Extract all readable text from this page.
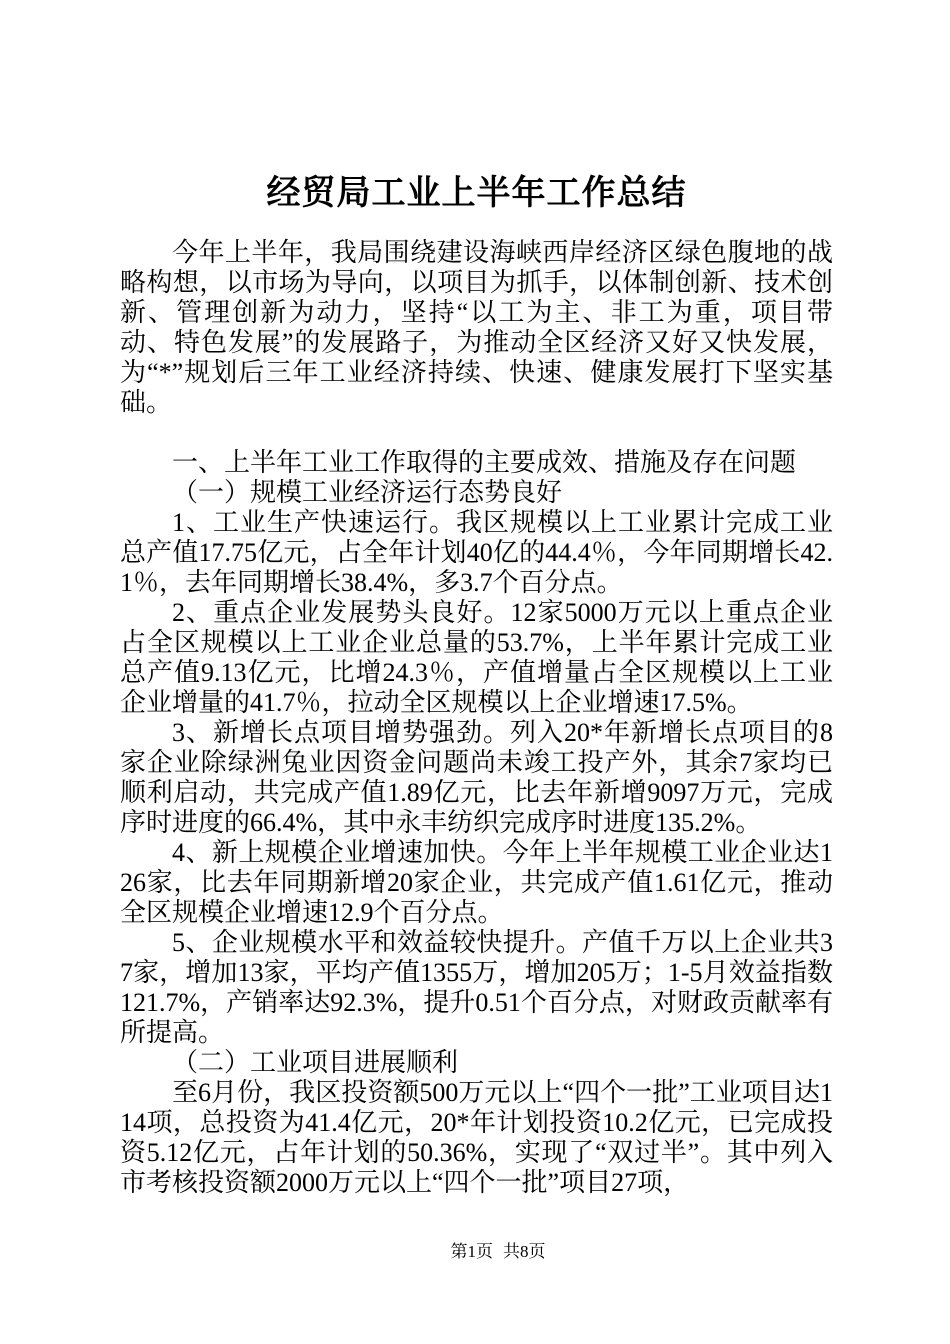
经贸局工业上半年工作总结

今年上半年，我局围绕建设海峡西岸经济区绿色腹地的战略构想，以市场为导向，以项目为抓手，以体制创新、技术创新、管理创新为动力，坚持“以工为主、非工为重，项目带动、特色发展”的发展路子，为推动全区经济又好又快发展，为“*”规划后三年工业经济持续、快速、健康发展打下坚实基础。

一、上半年工业工作取得的主要成效、措施及存在问题

（一）规模工业经济运行态势良好

1、工业生产快速运行。我区规模以上工业累计完成工业总产值17.75亿元，占全年计划40亿的44.4％，今年同期增长42.1％，去年同期增长38.4%，多3.7个百分点。

2、重点企业发展势头良好。12家5000万元以上重点企业占全区规模以上工业企业总量的53.7%，上半年累计完成工业总产值9.13亿元，比增24.3％，产值增量占全区规模以上工业企业增量的41.7％，拉动全区规模以上企业增速17.5%。

3、新增长点项目增势强劲。列入20*年新增长点项目的8家企业除绿洲兔业因资金问题尚未竣工投产外，其余7家均已顺利启动，共完成产值1.89亿元，比去年新增9097万元，完成序时进度的66.4%，其中永丰纺织完成序时进度135.2%。

4、新上规模企业增速加快。今年上半年规模工业企业达126家，比去年同期新增20家企业，共完成产值1.61亿元，推动全区规模企业增速12.9个百分点。

5、企业规模水平和效益较快提升。产值千万以上企业共37家，增加13家，平均产值1355万，增加205万；1-5月效益指数121.7%，产销率达92.3%，提升0.51个百分点，对财政贡献率有所提高。

（二）工业项目进展顺利

至6月份，我区投资额500万元以上“四个一批”工业项目达114项，总投资为41.4亿元，20*年计划投资10.2亿元，已完成投资5.12亿元，占年计划的50.36%，实现了“双过半”。其中列入市考核投资额2000万元以上“四个一批”项目27项，

第1页 共8页
